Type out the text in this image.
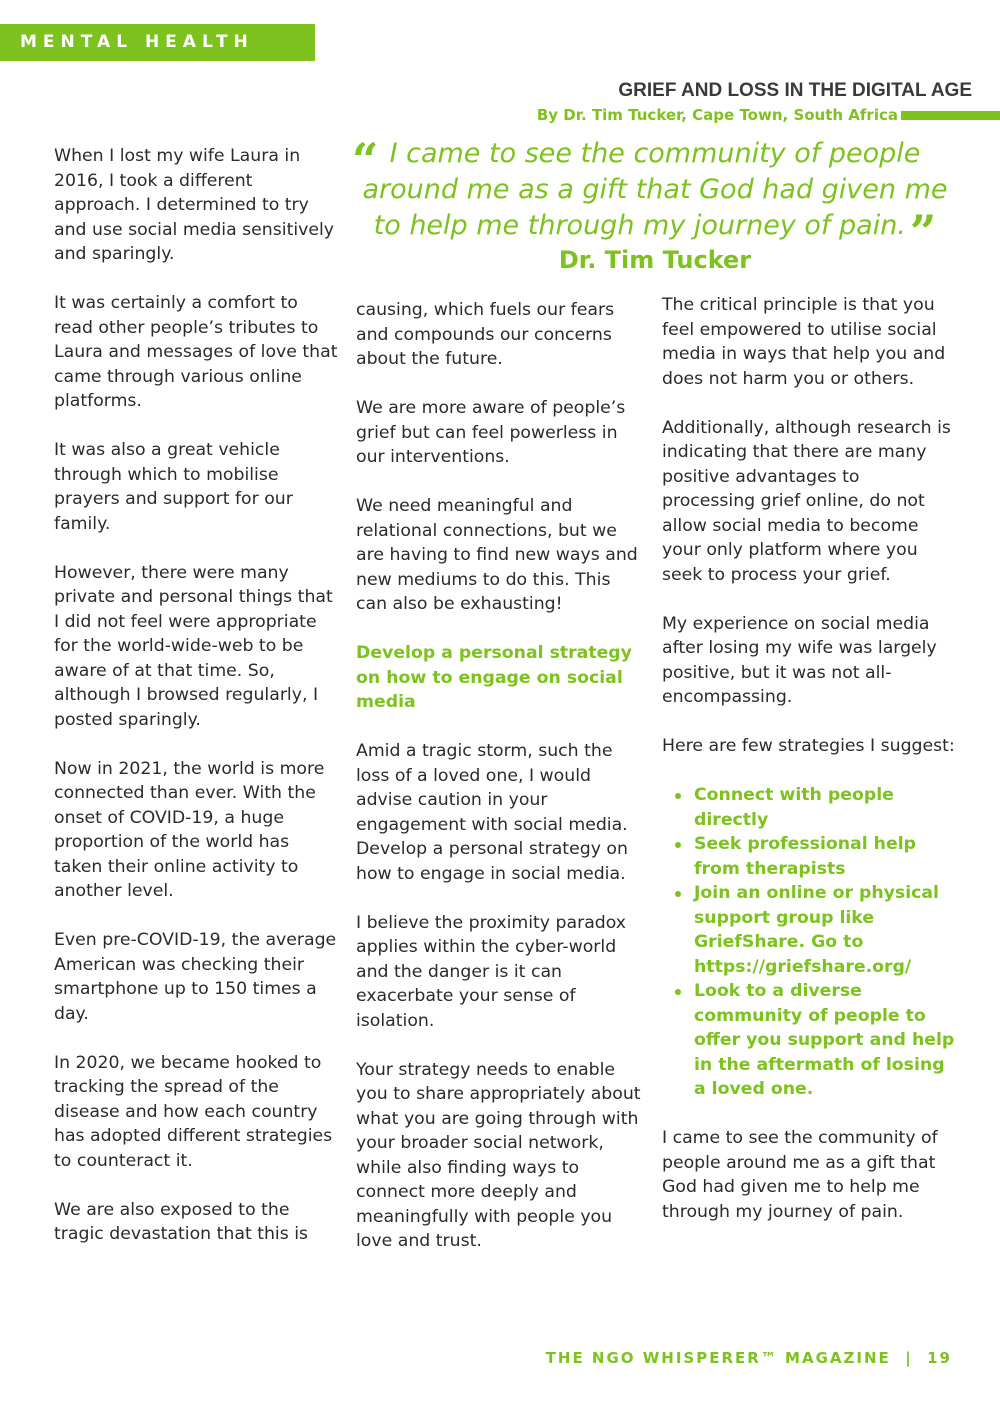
MENTAL HEALTH
GRIEF AND LOSS IN THE DIGITAL AGE
By Dr. Tim Tucker, Cape Town, South Africa
“ I came to see the community of people around me as a gift that God had given me to help me through my journey of pain.”
Dr. Tim Tucker

When I lost my wife Laura in 2016, I took a different approach. I determined to try and use social media sensitively and sparingly.

It was certainly a comfort to read other people’s tributes to Laura and messages of love that came through various online platforms.

It was also a great vehicle through which to mobilise prayers and support for our family.

However, there were many private and personal things that I did not feel were appropriate for the world-wide-web to be aware of at that time. So, although I browsed regularly, I posted sparingly.

Now in 2021, the world is more connected than ever. With the onset of COVID-19, a huge proportion of the world has taken their online activity to another level.

Even pre-COVID-19, the average American was checking their smartphone up to 150 times a day.

In 2020, we became hooked to tracking the spread of the disease and how each country has adopted different strategies to counteract it.

We are also exposed to the tragic devastation that this is

causing, which fuels our fears and compounds our concerns about the future.

We are more aware of people’s grief but can feel powerless in our interventions.

We need meaningful and relational connections, but we are having to find new ways and new mediums to do this. This can also be exhausting!

Develop a personal strategy on how to engage on social media

Amid a tragic storm, such the loss of a loved one, I would advise caution in your engagement with social media. Develop a personal strategy on how to engage in social media.

I believe the proximity paradox applies within the cyber-world and the danger is it can exacerbate your sense of isolation.

Your strategy needs to enable you to share appropriately about what you are going through with your broader social network, while also finding ways to connect more deeply and meaningfully with people you love and trust.

The critical principle is that you feel empowered to utilise social media in ways that help you and does not harm you or others.

Additionally, although research is indicating that there are many positive advantages to processing grief online, do not allow social media to become your only platform where you seek to process your grief.

My experience on social media after losing my wife was largely positive, but it was not all-encompassing.

Here are few strategies I suggest:

Connect with people directly
Seek professional help from therapists
Join an online or physical support group like GriefShare. Go to https://griefshare.org/
Look to a diverse community of people to offer you support and help in the aftermath of losing a loved one.

I came to see the community of people around me as a gift that God had given me to help me through my journey of pain.

THE NGO WHISPERER™ MAGAZINE  |  19
